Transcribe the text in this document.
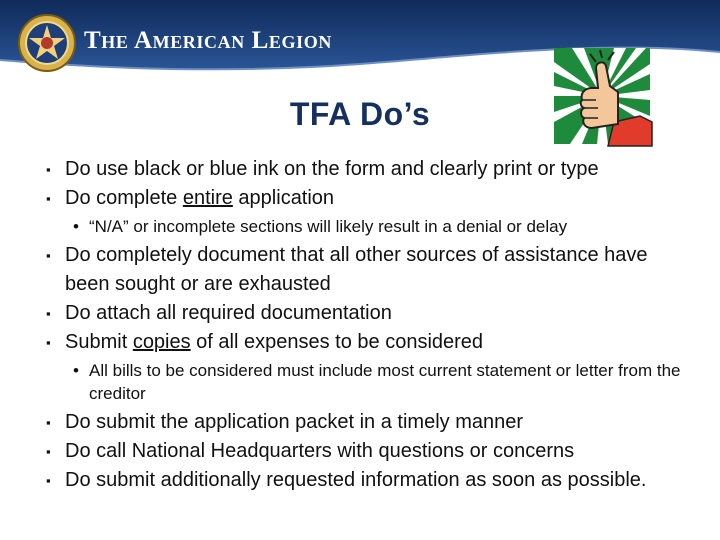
The American Legion
TFA Do’s
▪ Do use black or blue ink on the form and clearly print or type
▪ Do complete entire application
• “N/A” or incomplete sections will likely result in a denial or delay
▪ Do completely document that all other sources of assistance have been sought or are exhausted
▪ Do attach all required documentation
▪ Submit copies of all expenses to be considered
• All bills to be considered must include most current statement or letter from the creditor
▪ Do submit the application packet in a timely manner
▪ Do call National Headquarters with questions or concerns
▪ Do submit additionally requested information as soon as possible.
